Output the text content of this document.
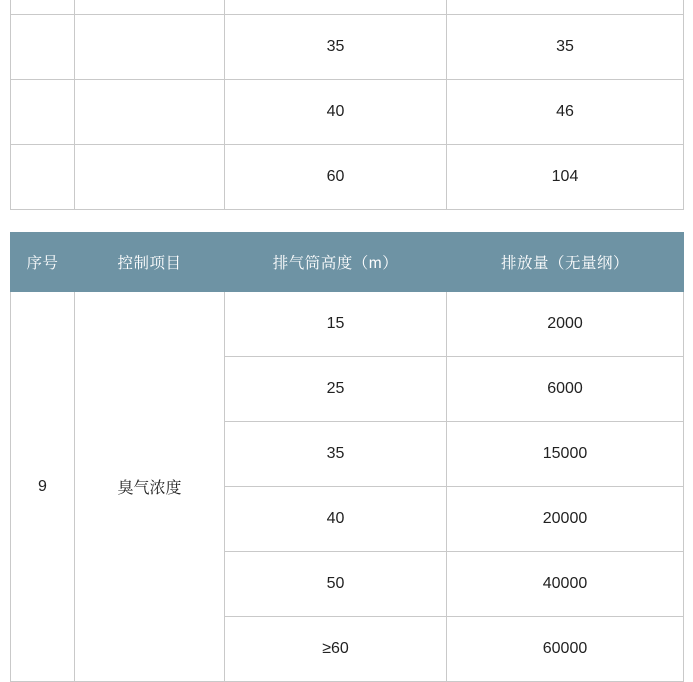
		35	35
		40	46
		60	104
序号	控制项目	排气筒高度（m）	排放量（无量纲）
9	臭气浓度	15	2000
		25	6000
		35	15000
		40	20000
		50	40000
		≥60	60000
